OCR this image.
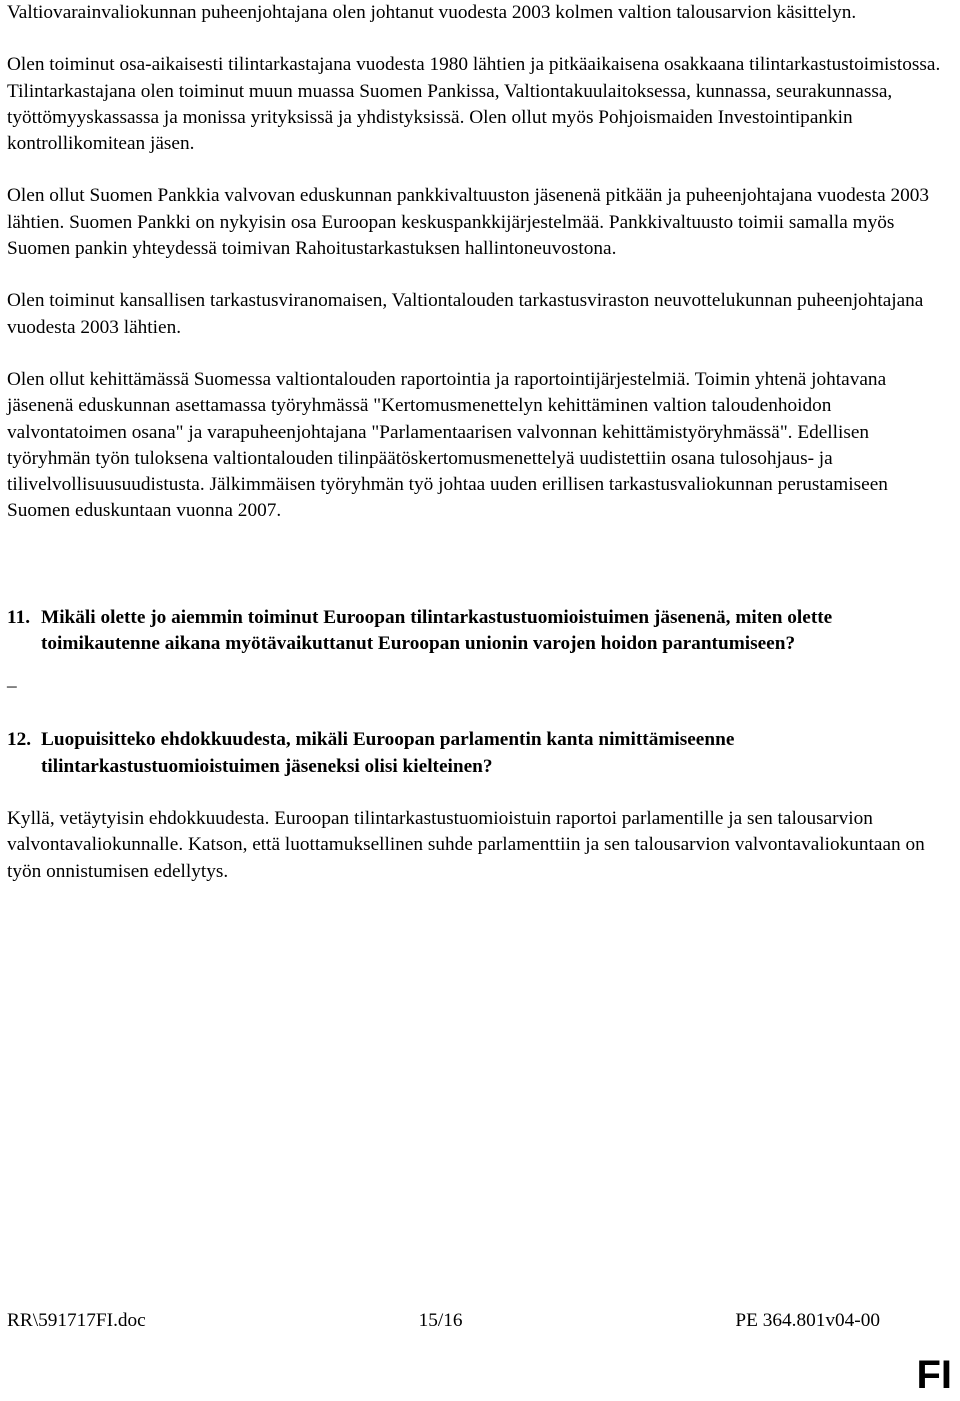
Valtiovarainvaliokunnan puheenjohtajana olen johtanut vuodesta 2003 kolmen valtion talousarvion käsittelyn.

Olen toiminut osa-aikaisesti tilintarkastajana vuodesta 1980 lähtien ja pitkäaikaisena osakkaana tilintarkastustoimistossa. Tilintarkastajana olen toiminut muun muassa Suomen Pankissa, Valtiontakuulaitoksessa, kunnassa, seurakunnassa, työttömyyskassassa ja monissa yrityksissä ja yhdistyksissä. Olen ollut myös Pohjoismaiden Investointipankin kontrollikomitean jäsen.

Olen ollut Suomen Pankkia valvovan eduskunnan pankkivaltuuston jäsenenä pitkään ja puheenjohtajana vuodesta 2003 lähtien. Suomen Pankki on nykyisin osa Euroopan keskuspankkijärjestelmää. Pankkivaltuusto toimii samalla myös Suomen pankin yhteydessä toimivan Rahoitustarkastuksen hallintoneuvostona.

Olen toiminut kansallisen tarkastusviranomaisen, Valtiontalouden tarkastusviraston neuvottelukunnan puheenjohtajana vuodesta 2003 lähtien.

Olen ollut kehittämässä Suomessa valtiontalouden raportointia ja raportointijärjestelmiä. Toimin yhtenä johtavana jäsenenä eduskunnan asettamassa työryhmässä "Kertomusmenettelyn kehittäminen valtion taloudenhoidon valvontatoimen osana" ja varapuheenjohtajana "Parlamentaarisen valvonnan kehittämistyöryhmässä". Edellisen työryhmän työn tuloksena valtiontalouden tilinpäätöskertomusmenettelyä uudistettiin osana tulosohjaus- ja tilivelvollisuusuudistusta. Jälkimmäisen työryhmän työ johtaa uuden erillisen tarkastusvaliokunnan perustamiseen Suomen eduskuntaan vuonna 2007.

11. Mikäli olette jo aiemmin toiminut Euroopan tilintarkastustuomioistuimen jäsenenä, miten olette toimikautenne aikana myötävaikuttanut Euroopan unionin varojen hoidon parantumiseen?

_

12. Luopuisitteko ehdokkuudesta, mikäli Euroopan parlamentin kanta nimittämiseenne tilintarkastustuomioistuimen jäseneksi olisi kielteinen?

Kyllä, vetäytyisin ehdokkuudesta. Euroopan tilintarkastustuomioistuin raportoi parlamentille ja sen talousarvion valvontavaliokunnalle. Katson, että luottamuksellinen suhde parlamenttiin ja sen talousarvion valvontavaliokuntaan on työn onnistumisen edellytys.

RR\591717FI.doc	15/16	PE 364.801v04-00
FI
